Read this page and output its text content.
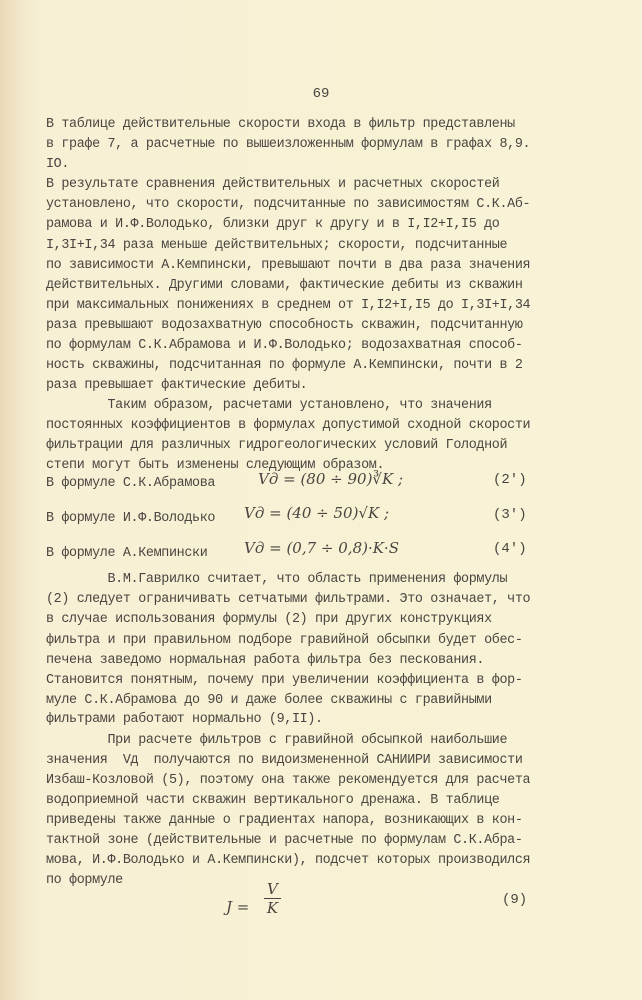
69
В таблице действительные скорости входа в фильтр представлены
в графе 7, а расчетные по вышеизложенным формулам в графах 8,9.
IO.
В результате сравнения действительных и расчетных скоростей
установлено, что скорости, подсчитанные по зависимостям С.К.Аб-
рамова и И.Ф.Володько, близки друг к другу и в I,I2+I,I5 до
I,3I+I,34 раза меньше действительных; скорости, подсчитанные
по зависимости А.Кемпински, превышают почти в два раза значения
действительных. Другими словами, фактические дебиты из скважин
при максимальных понижениях в среднем от I,I2+I,I5 до I,3I+I,34
раза превышают водозахватную способность скважин, подсчитанную
по формулам С.К.Абрамова и И.Ф.Володько; водозахватная способ-
ность скважины, подсчитанная по формуле А.Кемпински, почти в 2
раза превышает фактические дебиты.
Таким образом, расчетами установлено, что значения
постоянных коэффициентов в формулах допустимой сходной скорости
фильтрации для различных гидрогеологических условий Голодной
степи могут быть изменены следующим образом.
В формуле С.К.Абрамова	Vд = (80 ÷ 90)∛K ;	(2′)
В формуле И.Ф.Володько Vд = (40 ÷ 50)√K ;	(3′)
В формуле А.Кемпински Vд = (0,7 ÷ 0,8)·K·S	(4′)
В.М.Гаврилко считает, что область применения формулы
(2) следует ограничивать сетчатыми фильтрами. Это означает, что
в случае использования формулы (2) при других конструкциях
фильтра и при правильном подборе гравийной обсыпки будет обес-
печена заведомо нормальная работа фильтра без пескования.
Становится понятным, почему при увеличении коэффициента в фор-
муле С.К.Абрамова до 90 и даже более скважины с гравийными
фильтрами работают нормально (9,II).
При расчете фильтров с гравийной обсыпкой наибольшие
значения  Vд  получаются по видоизмененной САНИИРИ зависимости
Избаш-Козловой (5), поэтому она также рекомендуется для расчета
водоприемной части скважин вертикального дренажа. В таблице
приведены также данные о градиентах напора, возникающих в кон-
тактной зоне (действительные и расчетные по формулам С.К.Абра-
мова, И.Ф.Володько и А.Кемпински), подсчет которых производился
по формуле
$J = \frac{V}{K}$	(9)
